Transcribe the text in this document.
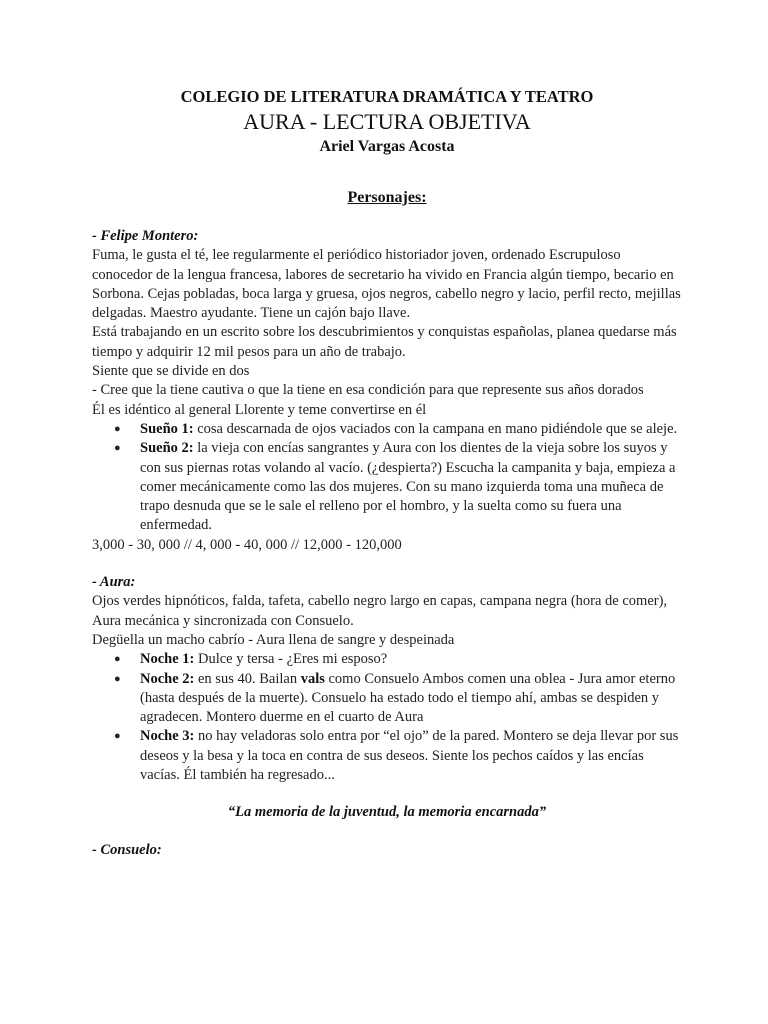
COLEGIO DE LITERATURA DRAMÁTICA Y TEATRO
AURA - LECTURA OBJETIVA
Ariel Vargas Acosta
Personajes:
- Felipe Montero:

Fuma, le gusta el té, lee regularmente el periódico historiador joven, ordenado Escrupuloso conocedor de la lengua francesa, labores de secretario ha vivido en Francia algún tiempo, becario en Sorbona. Cejas pobladas, boca larga y gruesa, ojos negros, cabello negro y lacio, perfil recto, mejillas delgadas. Maestro ayudante. Tiene un cajón bajo llave.

Está trabajando en un escrito sobre los descubrimientos y conquistas españolas, planea quedarse más tiempo y adquirir 12 mil pesos para un año de trabajo.

Siente que se divide en dos

- Cree que la tiene cautiva o que la tiene en esa condición para que represente sus años dorados

Él es idéntico al general Llorente y teme convertirse en él

● Sueño 1: cosa descarnada de ojos vaciados con la campana en mano pidiéndole que se aleje.
● Sueño 2: la vieja con encías sangrantes y Aura con los dientes de la vieja sobre los suyos y con sus piernas rotas volando al vacío. (¿despierta?) Escucha la campanita y baja, empieza a comer mecánicamente como las dos mujeres. Con su mano izquierda toma una muñeca de trapo desnuda que se le sale el relleno por el hombro, y la suelta como su fuera una enfermedad.

3,000 - 30, 000 // 4, 000 - 40, 000 // 12,000 - 120,000

- Aura:

Ojos verdes hipnóticos, falda, tafeta, cabello negro largo en capas, campana negra (hora de comer), Aura mecánica y sincronizada con Consuelo.

Degüella un macho cabrío - Aura llena de sangre y despeinada

● Noche 1: Dulce y tersa - ¿Eres mi esposo?
● Noche 2: en sus 40. Bailan vals como Consuelo Ambos comen una oblea - Jura amor eterno (hasta después de la muerte). Consuelo ha estado todo el tiempo ahí, ambas se despiden y agradecen. Montero duerme en el cuarto de Aura
● Noche 3: no hay veladoras solo entra por “el ojo” de la pared. Montero se deja llevar por sus deseos y la besa y la toca en contra de sus deseos. Siente los pechos caídos y las encías vacías. Él también ha regresado...
“La memoria de la juventud, la memoria encarnada”
- Consuelo:
